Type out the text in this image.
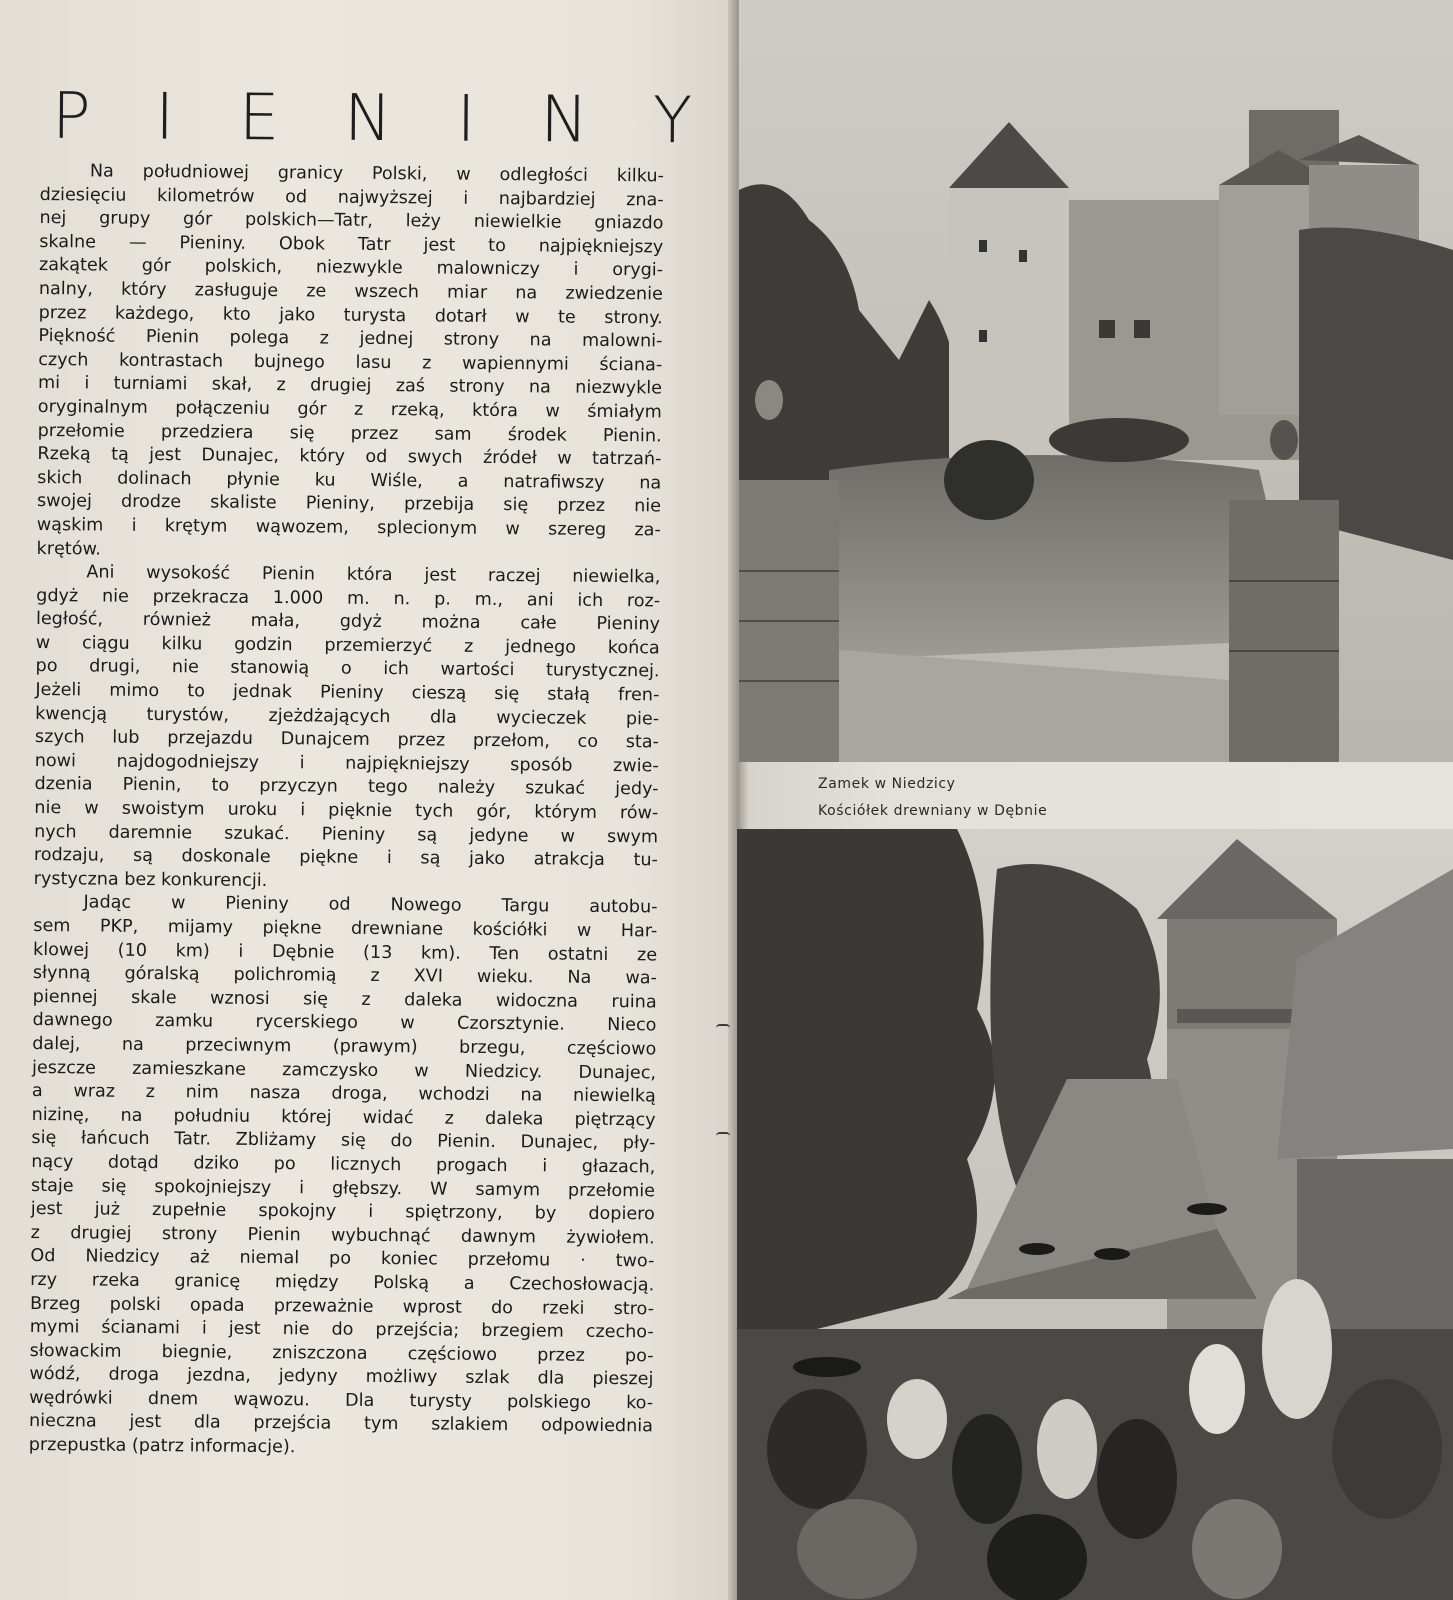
P I E N I N Y
Na południowej granicy Polski, w odległości kilku-
dziesięciu kilometrów od najwyższej i najbardziej zna-
nej grupy gór polskich—Tatr, leży niewielkie gniazdo
skalne — Pieniny. Obok Tatr jest to najpiękniejszy
zakątek gór polskich, niezwykle malowniczy i orygi-
nalny, który zasługuje ze wszech miar na zwiedzenie
przez każdego, kto jako turysta dotarł w te strony.
Piękność Pienin polega z jednej strony na malowni-
czych kontrastach bujnego lasu z wapiennymi ściana-
mi i turniami skał, z drugiej zaś strony na niezwykle
oryginalnym połączeniu gór z rzeką, która w śmiałym
przełomie przedziera się przez sam środek Pienin.
Rzeką tą jest Dunajec, który od swych źródeł w tatrzań-
skich dolinach płynie ku Wiśle, a natrafiwszy na
swojej drodze skaliste Pieniny, przebija się przez nie
wąskim i krętym wąwozem, splecionym w szereg za-
krętów.
Ani wysokość Pienin która jest raczej niewielka,
gdyż nie przekracza 1.000 m. n. p. m., ani ich roz-
ległość, również mała, gdyż można całe Pieniny
w ciągu kilku godzin przemierzyć z jednego końca
po drugi, nie stanowią o ich wartości turystycznej.
Jeżeli mimo to jednak Pieniny cieszą się stałą fren-
kwencją turystów, zjeżdżających dla wycieczek pie-
szych lub przejazdu Dunajcem przez przełom, co sta-
nowi najdogodniejszy i najpiękniejszy sposób zwie-
dzenia Pienin, to przyczyn tego należy szukać jedy-
nie w swoistym uroku i pięknie tych gór, którym rów-
nych daremnie szukać. Pieniny są jedyne w swym
rodzaju, są doskonale piękne i są jako atrakcja tu-
rystyczna bez konkurencji.
Jadąc w Pieniny od Nowego Targu autobu-
sem PKP, mijamy piękne drewniane kościółki w Har-
klowej (10 km) i Dębnie (13 km). Ten ostatni ze
słynną góralską polichromią z XVI wieku. Na wa-
piennej skale wznosi się z daleka widoczna ruina
dawnego zamku rycerskiego w Czorsztynie. Nieco
dalej, na przeciwnym (prawym) brzegu, częściowo
jeszcze zamieszkane zamczysko w Niedzicy. Dunajec,
a wraz z nim nasza droga, wchodzi na niewielką
nizinę, na południu której widać z daleka piętrzący
się łańcuch Tatr. Zbliżamy się do Pienin. Dunajec, pły-
nący dotąd dziko po licznych progach i głazach,
staje się spokojniejszy i głębszy. W samym przełomie
jest już zupełnie spokojny i spiętrzony, by dopiero
z drugiej strony Pienin wybuchnąć dawnym żywiołem.
Od Niedzicy aż niemal po koniec przełomu · two-
rzy rzeka granicę między Polską a Czechosłowacją.
Brzeg polski opada przeważnie wprost do rzeki stro-
mymi ścianami i jest nie do przejścia; brzegiem czecho-
słowackim biegnie, zniszczona częściowo przez po-
wódź, droga jezdna, jedyny możliwy szlak dla pieszej
wędrówki dnem wąwozu. Dla turysty polskiego ko-
nieczna jest dla przejścia tym szlakiem odpowiednia
przepustka (patrz informacje).
Zamek w Niedzicy
Kościółek drewniany w Dębnie
